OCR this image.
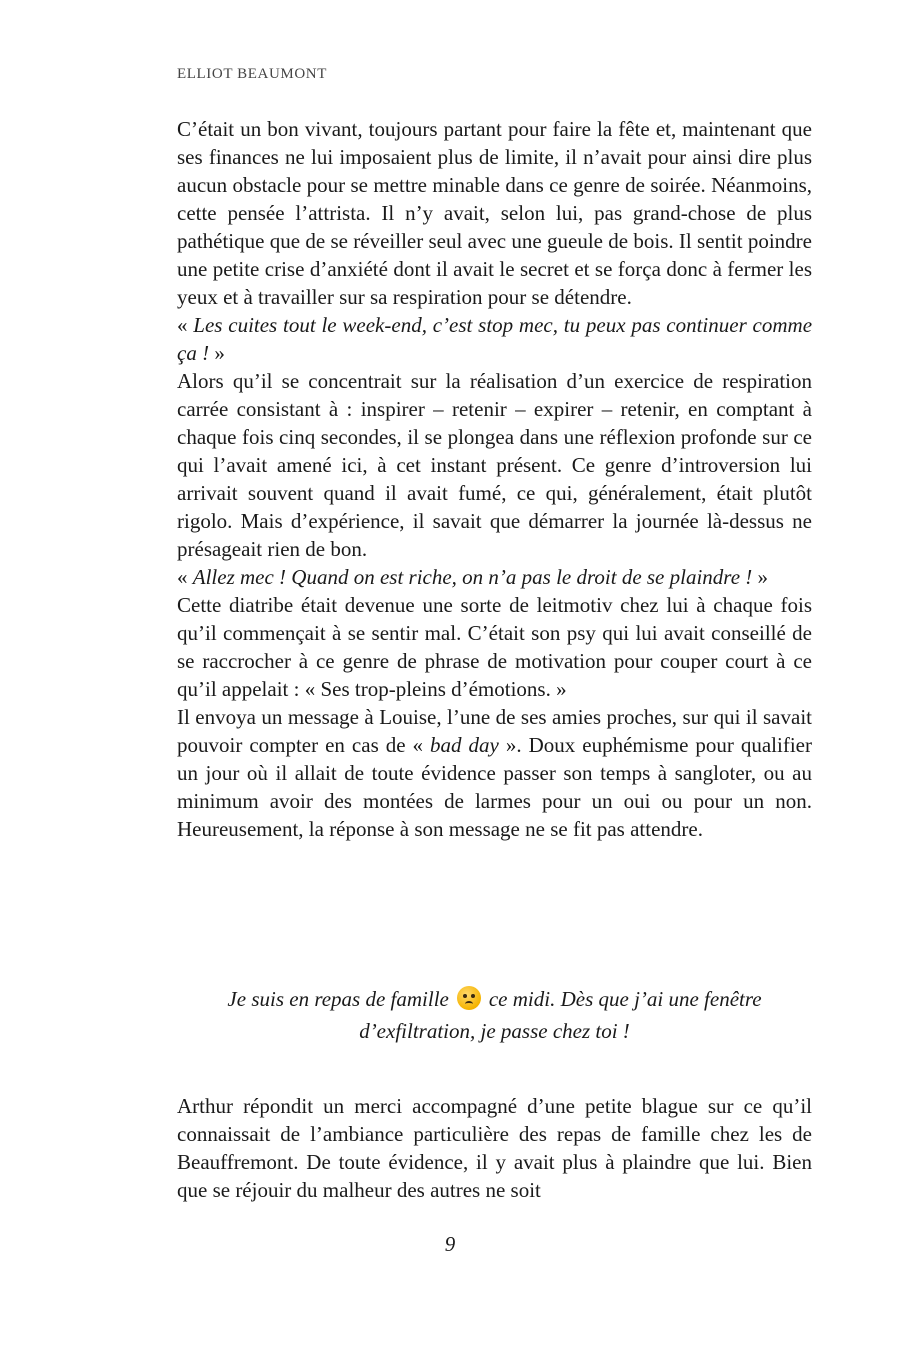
ELLIOT BEAUMONT

C’était un bon vivant, toujours partant pour faire la fête et, maintenant que ses finances ne lui imposaient plus de limite, il n’avait pour ainsi dire plus aucun obstacle pour se mettre minable dans ce genre de soirée. Néanmoins, cette pensée l’attrista. Il n’y avait, selon lui, pas grand-chose de plus pathétique que de se réveiller seul avec une gueule de bois. Il sentit poindre une petite crise d’anxiété dont il avait le secret et se força donc à fermer les yeux et à travailler sur sa respiration pour se détendre.

« Les cuites tout le week-end, c’est stop mec, tu peux pas continuer comme ça ! »

Alors qu’il se concentrait sur la réalisation d’un exercice de respiration carrée consistant à : inspirer – retenir – expirer – retenir, en comptant à chaque fois cinq secondes, il se plongea dans une réflexion profonde sur ce qui l’avait amené ici, à cet instant présent. Ce genre d’introversion lui arrivait souvent quand il avait fumé, ce qui, généralement, était plutôt rigolo. Mais d’expérience, il savait que démarrer la journée là-dessus ne présageait rien de bon.

« Allez mec ! Quand on est riche, on n’a pas le droit de se plaindre ! »

Cette diatribe était devenue une sorte de leitmotiv chez lui à chaque fois qu’il commençait à se sentir mal. C’était son psy qui lui avait conseillé de se raccrocher à ce genre de phrase de motivation pour couper court à ce qu’il appelait : « Ses trop-pleins d’émotions. »

Il envoya un message à Louise, l’une de ses amies proches, sur qui il savait pouvoir compter en cas de « bad day ». Doux euphémisme pour qualifier un jour où il allait de toute évidence passer son temps à sangloter, ou au minimum avoir des montées de larmes pour un oui ou pour un non. Heureusement, la réponse à son message ne se fit pas attendre.

Je suis en repas de famille ce midi. Dès que j’ai une fenêtre
d’exfiltration, je passe chez toi !

Arthur répondit un merci accompagné d’une petite blague sur ce qu’il connaissait de l’ambiance particulière des repas de famille chez les de Beauffremont. De toute évidence, il y avait plus à plaindre que lui. Bien que se réjouir du malheur des autres ne soit

9
